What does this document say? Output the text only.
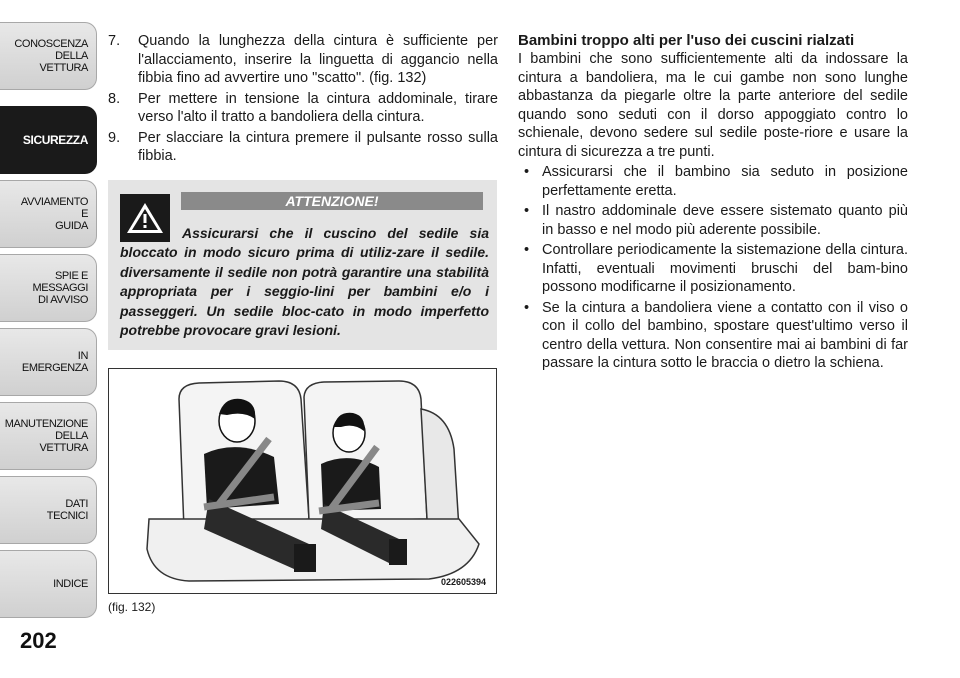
CONOSCENZA
DELLA
VETTURA
SICUREZZA
AVVIAMENTO
E
GUIDA
SPIE E
MESSAGGI
DI AVVISO
IN
EMERGENZA
MANUTENZIONE
DELLA
VETTURA
DATI
TECNICI
INDICE
202
7. Quando la lunghezza della cintura è sufficiente per l'allacciamento, inserire la linguetta di aggancio nella fibbia fino ad avvertire uno "scatto". (fig. 132)
8. Per mettere in tensione la cintura addominale, tirare verso l'alto il tratto a bandoliera della cintura.
9. Per slacciare la cintura premere il pulsante rosso sulla fibbia.
ATTENZIONE!
Assicurarsi che il cuscino del sedile sia bloccato in modo sicuro prima di utiliz-zare il sedile. diversamente il sedile non potrà garantire una stabilità appropriata per i seggio-lini per bambini e/o i passeggeri. Un sedile bloc-cato in modo imperfetto potrebbe provocare gravi lesioni.
022605394
(fig. 132)
Bambini troppo alti per l'uso dei cuscini rialzati
I bambini che sono sufficientemente alti da indossare la cintura a bandoliera, ma le cui gambe non sono lunghe abbastanza da piegarle oltre la parte anteriore del sedile quando sono seduti con il dorso appoggiato contro lo schienale, devono sedere sul sedile poste-riore e usare la cintura di sicurezza a tre punti.
• Assicurarsi che il bambino sia seduto in posizione perfettamente eretta.
• Il nastro addominale deve essere sistemato quanto più in basso e nel modo più aderente possibile.
• Controllare periodicamente la sistemazione della cintura. Infatti, eventuali movimenti bruschi del bam-bino possono modificarne il posizionamento.
• Se la cintura a bandoliera viene a contatto con il viso o con il collo del bambino, spostare quest'ultimo verso il centro della vettura. Non consentire mai ai bambini di far passare la cintura sotto le braccia o dietro la schiena.
